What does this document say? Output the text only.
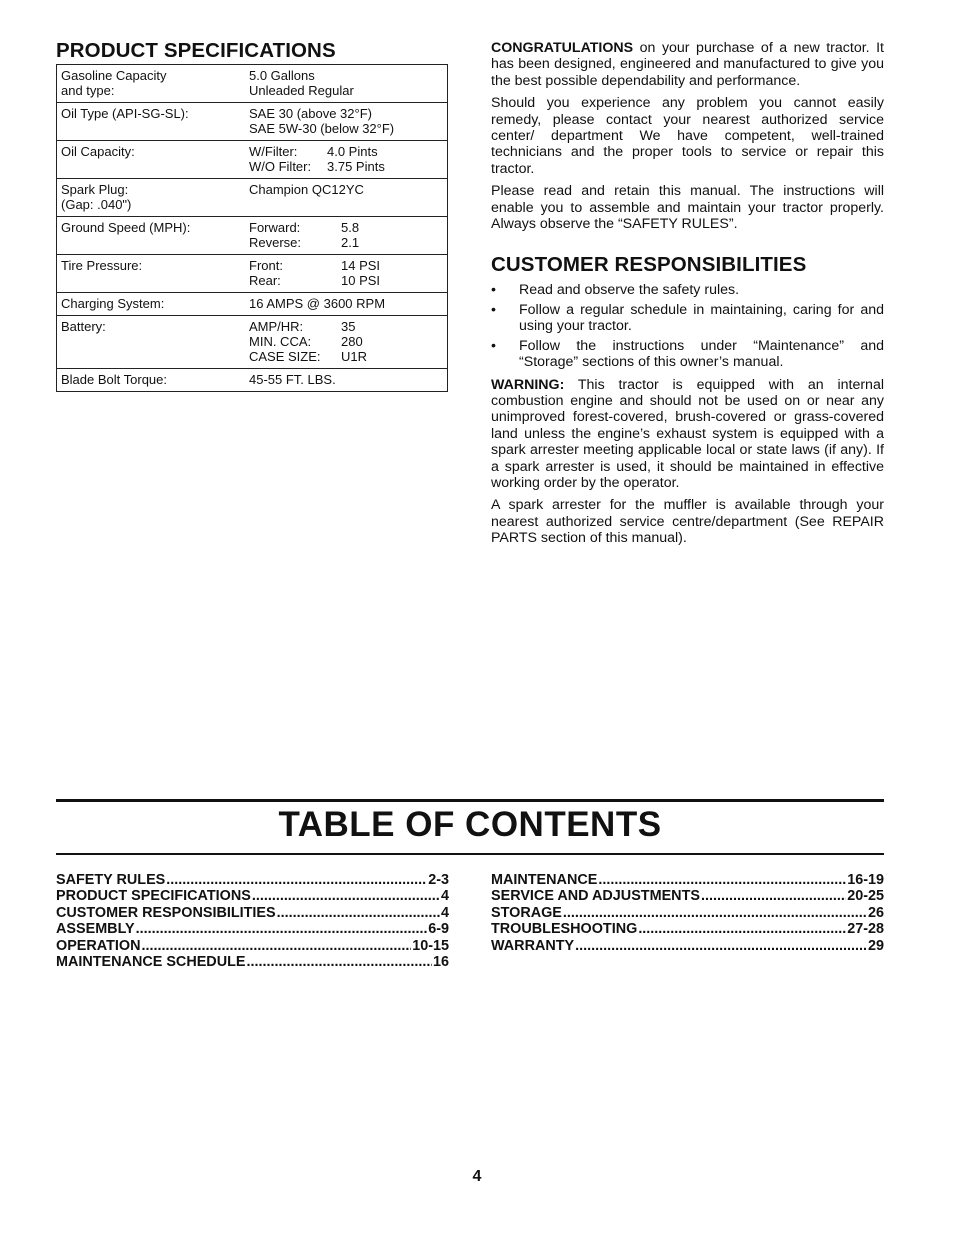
PRODUCT SPECIFICATIONS
Gasoline Capacity
and type:	5.0 Gallons
Unleaded Regular

Oil Type (API-SG-SL):	SAE 30 (above 32°F)
SAE 5W-30 (below 32°F)

Oil Capacity:	W/Filter: 4.0 Pints
W/O Filter: 3.75 Pints

Spark Plug:
(Gap: .040")	Champion QC12YC

Ground Speed (MPH):	Forward: 5.8
Reverse: 2.1

Tire Pressure:	Front: 14 PSI
Rear: 10 PSI

Charging System:	16 AMPS @ 3600 RPM

Battery:	AMP/HR: 35
MIN. CCA: 280
CASE SIZE: U1R

Blade Bolt Torque:	45-55 FT. LBS.

CONGRATULATIONS on your purchase of a new tractor. It has been designed, engineered and manufactured to give you the best possible dependability and performance.

Should you experience any problem you cannot easily remedy, please contact your nearest authorized service center/ department We have competent, well-trained technicians and the proper tools to service or repair this tractor.

Please read and retain this manual. The instructions will enable you to assemble and maintain your tractor properly. Always observe the “SAFETY RULES”.

CUSTOMER RESPONSIBILITIES
• Read and observe the safety rules.
• Follow a regular schedule in maintaining, caring for and using your tractor.
• Follow the instructions under “Maintenance” and “Storage” sections of this owner’s manual.

WARNING: This tractor is equipped with an internal combustion engine and should not be used on or near any unimproved forest-covered, brush-covered or grass-covered land unless the engine’s exhaust system is equipped with a spark arrester meeting applicable local or state laws (if any). If a spark arrester is used, it should be maintained in effective working order by the operator.

A spark arrester for the muffler is available through your nearest authorized service centre/department (See REPAIR PARTS section of this manual).

TABLE OF CONTENTS
SAFETY RULES .....	2-3
PRODUCT SPECIFICATIONS .....	4
CUSTOMER RESPONSIBILITIES .....	4
ASSEMBLY .....	6-9
OPERATION .....	10-15
MAINTENANCE SCHEDULE .....	16
MAINTENANCE .....	16-19
SERVICE AND ADJUSTMENTS .....	20-25
STORAGE .....	26
TROUBLESHOOTING .....	27-28
WARRANTY .....	29
4
